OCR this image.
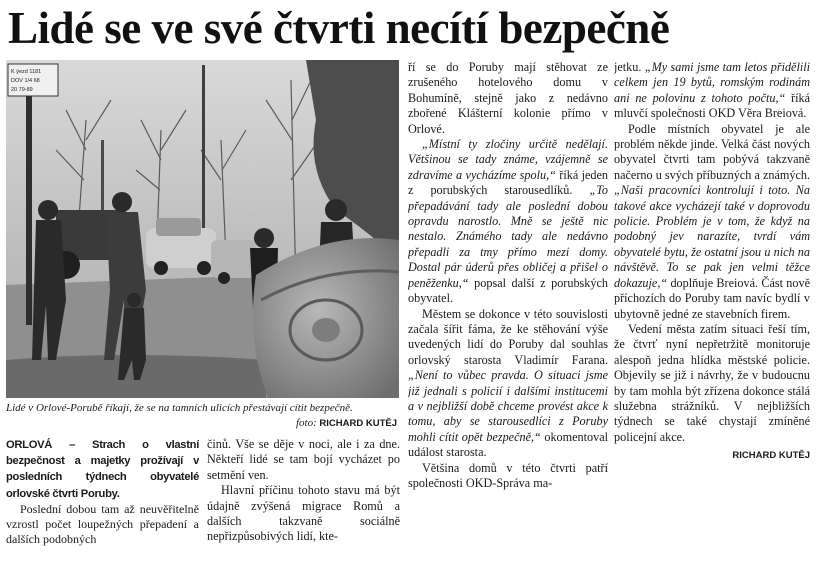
Lidé se ve své čtvrti necítí bezpečně
K ýezd 1181
DOV 1/4 68
20 79-89
Lidé v Orlové-Porubě říkají, že se na tamních ulicích přestávají cítit bezpečně.
foto: RICHARD KUTĚJ

ORLOVÁ – Strach o vlastní bezpečnost a majetky prožívají v posledních týdnech obyvatelé orlovské čtvrti Poruby.

Poslední dobou tam až neuvěřitelně vzrostl počet loupežných přepadení a dalších podobných

činů. Vše se děje v noci, ale i za dne. Někteří lidé se tam bojí vycházet po setmění ven.

Hlavní příčinu tohoto stavu má být údajně zvýšená migrace Romů a dalších takzvaně sociálně nepřizpůsobivých lidí, kte-

ří se do Poruby mají stěhovat ze zrušeného hotelového domu v Bohumíně, stejně jako z nedávno zbořené Klášterní kolonie přímo v Orlové.

„Místní ty zločiny určitě nedělají. Většinou se tady známe, vzájemně se zdravíme a vycházíme spolu,“ říká jeden z porubských starousedlíků. „To přepadávání tady ale poslední dobou opravdu narostlo. Mně se ještě nic nestalo. Známého tady ale nedávno přepadli za tmy přímo mezi domy. Dostal pár úderů přes obličej a přišel o peněženku,“ popsal další z porubských obyvatel.

Městem se dokonce v této souvislosti začala šířit fáma, že ke stěhování výše uvedených lidí do Poruby dal souhlas orlovský starosta Vladimír Farana. „Není to vůbec pravda. O situaci jsme již jednali s policií i dalšími institucemi a v nejbližší době chceme provést akce k tomu, aby se starousedlíci z Poruby mohli cítit opět bezpečně,“ okomentoval událost starosta.

Většina domů v této čtvrti patří společnosti OKD-Správa ma-

jetku. „My sami jsme tam letos přidělili celkem jen 19 bytů, romským rodinám ani ne polovinu z tohoto počtu,“ říká mluvčí společnosti OKD Věra Breiová.

Podle místních obyvatel je ale problém někde jinde. Velká část nových obyvatel čtvrti tam pobývá takzvaně načerno u svých příbuzných a známých. „Naši pracovníci kontrolují i toto. Na takové akce vycházejí také v doprovodu policie. Problém je v tom, že když na podobný jev narazíte, tvrdí vám obyvatelé bytu, že ostatní jsou u nich na návštěvě. To se pak jen velmi těžce dokazuje,“ doplňuje Breiová. Část nově příchozích do Poruby tam navíc bydlí v ubytovně jedné ze stavebních firem.

Vedení města zatím situaci řeší tím, že čtvrť nyní nepřetržitě monitoruje alespoň jedna hlídka městské policie. Objevily se již i návrhy, že v budoucnu by tam mohla být zřízena dokonce stálá služebna strážníků. V nejbližších týdnech se také chystají zmíněné policejní akce.

RICHARD KUTĚJ
